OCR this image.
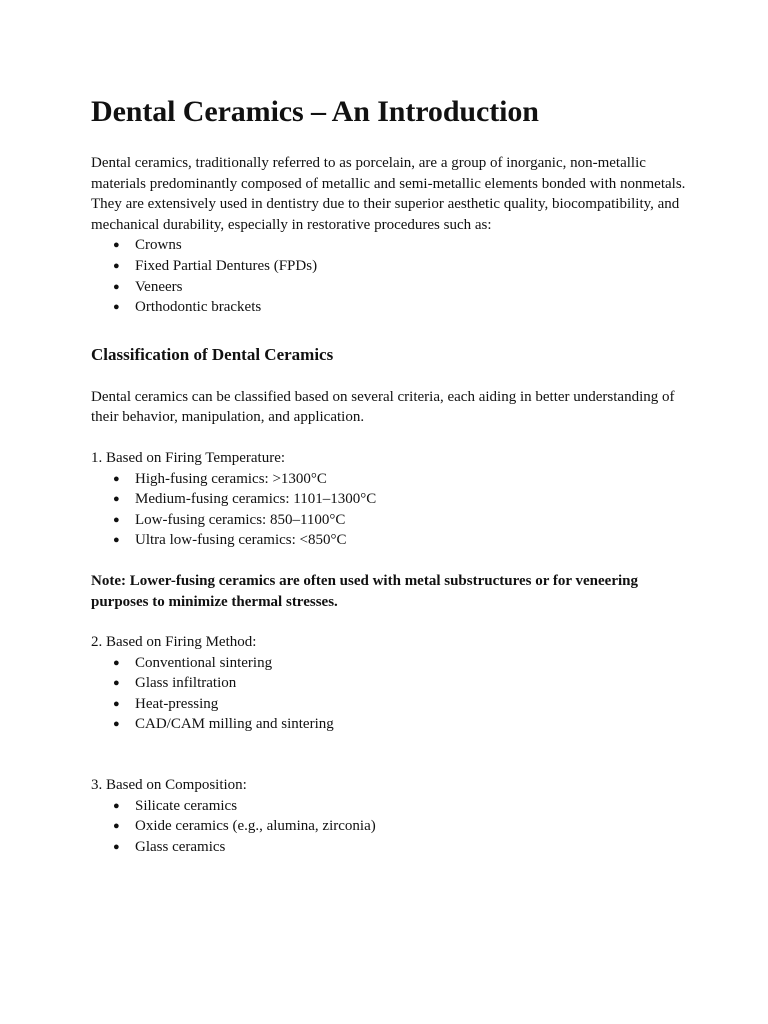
Dental Ceramics – An Introduction

Dental ceramics, traditionally referred to as porcelain, are a group of inorganic, non-metallic materials predominantly composed of metallic and semi-metallic elements bonded with nonmetals. They are extensively used in dentistry due to their superior aesthetic quality, biocompatibility, and mechanical durability, especially in restorative procedures such as:

● Crowns
● Fixed Partial Dentures (FPDs)
● Veneers
● Orthodontic brackets
Classification of Dental Ceramics

Dental ceramics can be classified based on several criteria, each aiding in better understanding of their behavior, manipulation, and application.

1. Based on Firing Temperature:

● High-fusing ceramics: >1300°C
● Medium-fusing ceramics: 1101–1300°C
● Low-fusing ceramics: 850–1100°C
● Ultra low-fusing ceramics: <850°C

Note: Lower-fusing ceramics are often used with metal substructures or for veneering purposes to minimize thermal stresses.

2. Based on Firing Method:

● Conventional sintering
● Glass infiltration
● Heat-pressing
● CAD/CAM milling and sintering

3. Based on Composition:

● Silicate ceramics
● Oxide ceramics (e.g., alumina, zirconia)
● Glass ceramics
